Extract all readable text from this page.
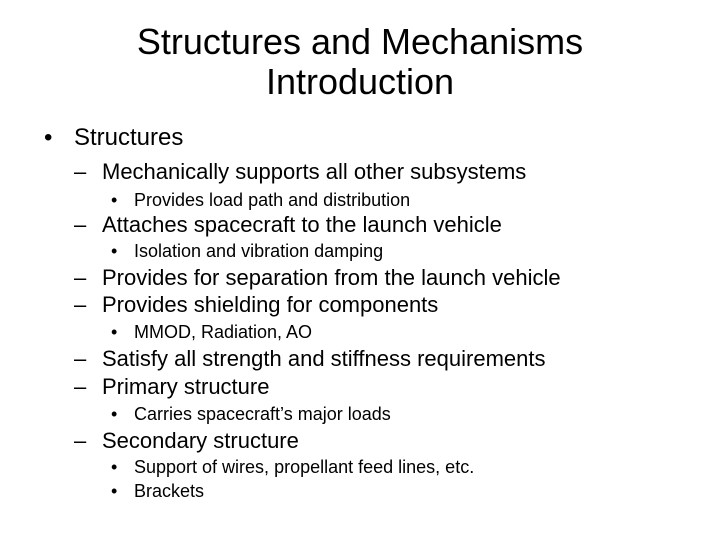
Structures and Mechanisms
Introduction
• Structures
– Mechanically supports all other subsystems
• Provides load path and distribution
– Attaches spacecraft to the launch vehicle
• Isolation and vibration damping
– Provides for separation from the launch vehicle
– Provides shielding for components
• MMOD, Radiation, AO
– Satisfy all strength and stiffness requirements
– Primary structure
• Carries spacecraft’s major loads
– Secondary structure
• Support of wires, propellant feed lines, etc.
• Brackets
